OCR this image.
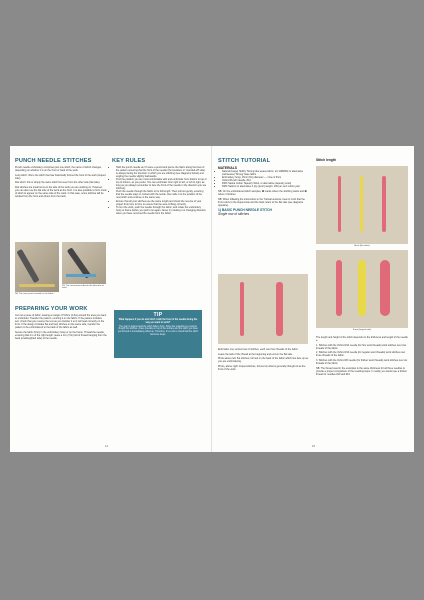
PUNCH NEEDLE STITCHES

Punch needle embroidery comprises just one stitch, the name of which changes depending on whether it is on the front or back of the work.

Loop stitch: this is the stitch that has historically formed the front of the work (looped side).

Flat stitch: this is simply the same stitch but seen from the other side (flat side).

Flat stitches are small turns on the side of the work you are working on. However, you can also use the flat side of the work as the front. It is also possible to form knots of stitch to appear on the same side of the work. In this case, some stitches will be worked from the front and others from the back.

1A. The rows punch needle in the fabric.
1B. The red arrows indicate the direction of work.
PREPARING YOUR WORK

Cut out a piece of fabric, leaving a margin of 5-8cm (2-3in) around the area you want to embroider. Transfer the pattern, centring it on the fabric. If the pattern includes text, check that you reverse the text as you transfer it so it will read correctly on the front. If the design includes flat and loop stitches on the same side, transfer the pattern to be embroidered to the back of the fabric as well.

Secure the fabric firmly in the embroidery hoop or on the frame. Thread the needle, ensuring that it is of the right length, leave a 1cm (½in) tail of thread hanging from the back (end/weighted side) of the needle.

KEY RULES
• Hold the punch needle as if it were a pencil and pierce the fabric along the lines of the pattern ensuring that the front of the needle (the bevelled, or 'rounded-off' side) is always facing the direction in which you are stitching (see diagrams below) and angling the needle slightly backwards.
• Find the position you are most comfortable with and embroider from bottom to top or top to bottom, as you prefer. You can embroider from right to left, or left to right, as long as you always remember to face the front of the needle in the direction you are stitching.
• Push the needle through the fabric to its full length. Then pull out gently, ensuring that the needle stays in contact with the textile, then slide it to the position of the next stitch and continue in the same way.
• Ensure that all your stitches use the same length and check the reverse of your project from time to time to ensure that the area is filling correctly.
• To turn the work, push the needle through the fabric, and rotate the embroidery hoop or frame before you pull it out again. Never try rotating it or changing direction when you have removed the needle from the fabric.
TIP

What happens if you do and stitch / with the front of the needle facing the way you want to work?

The yarn is trapped and the stitch fails to form. Since the material as a manner though the stitches, chaos prevails on top of the surface and the stitch you have just formed is immediately pulled up. Therefore, it's a rule to check that the stitch becomes loops.

14
STITCH TUTORIAL
MATERIALS
• Natural (beige) Hobby 'Strong'-like weave fabric, art 1198/002 or alternative (rainweave) 'Strong' base fabric
• Embroidery hoop, 15cm (6in) diameter — mine is 5mm
• Oxford Punch Needle, #14
• DMC Satina Cotton Tapestry Wool, or alternative (tapestry wool)
• DMC Satinco or alternative 4 ply (sport) weight, 100 per cent cotton yarn

NB: On the embroidered stitch samples, ❶ marks where the stitching starts and ❷ where it finishes.

NB: When following the instructions in the Tutorial sections, bear in mind that the front refers to the looped side and the back refers to the flat side (see diagrams opposite).

1) BASIC PUNCH NEEDLE STITCH
Single row of stitches

Embroider one vertical row of stitches, each over four threads of the fabric.

Leave the tails of the thread at the beginning and end on the flat side.

Photo above left: flat stitches, formed on the back of the fabric which lies face up as you are embroidering.

Photo, above right: looped stitches, formed on what is generally thought of as the front of the work.

Stitch length
Back (flat sides)
Front (looped side)

The length and height of the stitch depends on the thickness and length of the needle e.

1. Stitches with the Oxford #14 needle (for fine wool threads) work stitches over two threads of the fabric.

2. Stitches with the Oxford #10 needle (for regular wool threads) work stitches over three threads of the fabric.

3. Stitches with the Oxford #6 needle (for thicker wool threads) work stitches over six threads of the fabric.

NB: The thread used in the examples is the same thickness for all three needles to provide a proper comparison of the resulting loops. In reality you would use a thicker thread for needles #10 and #12.

15
